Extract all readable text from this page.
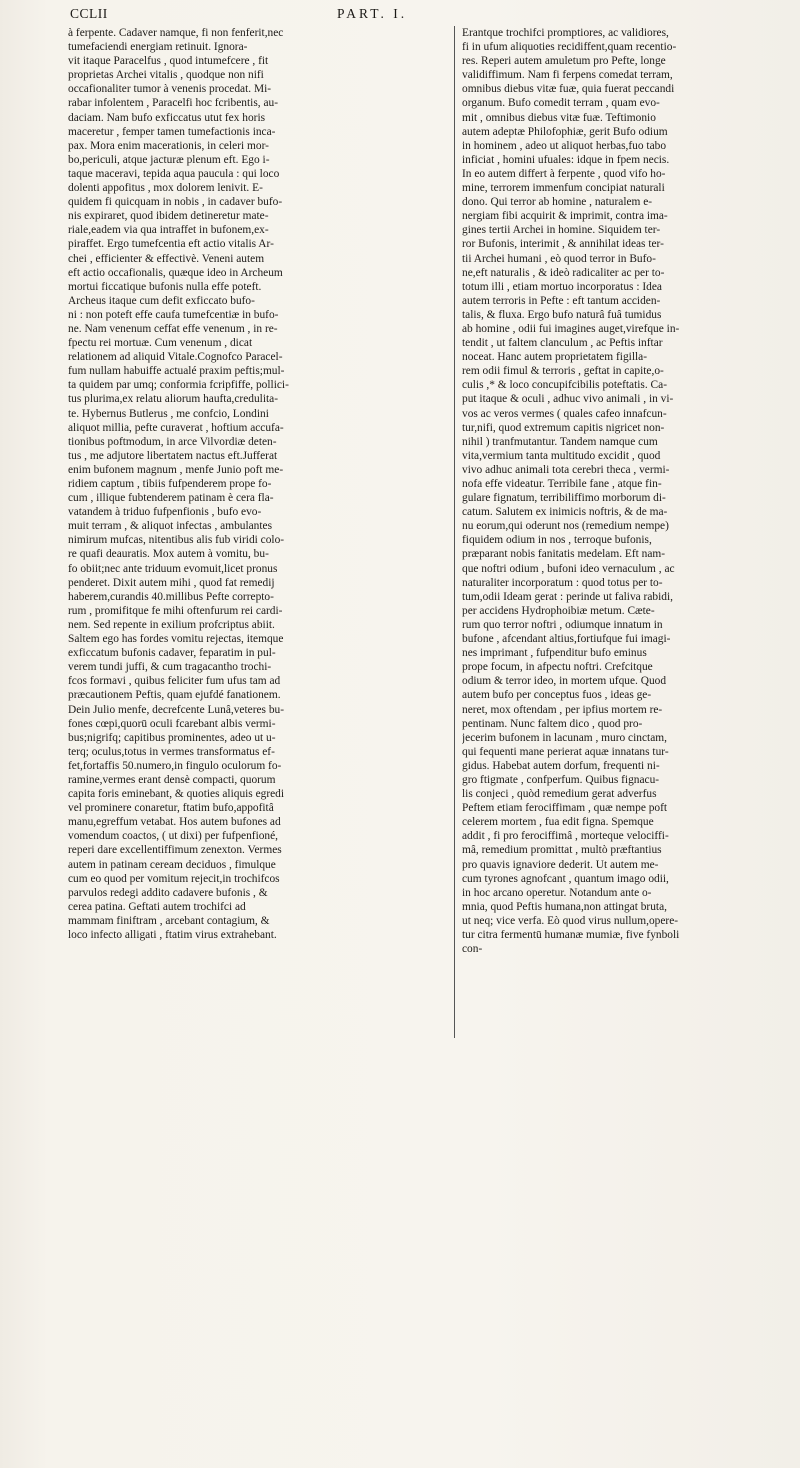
CCLII	PART. I.
à ferpente. Cadaver namque, fi non fenferit,nec
tumefaciendi energiam retinuit. Ignora-
vit itaque Paracelfus , quod intumefcere , fit
proprietas Archei vitalis , quodque non nifi
occafionaliter tumor à venenis procedat. Mi-
rabar infolentem , Paracelfi hoc fcribentis, au-
daciam. Nam bufo exficcatus utut fex horis
maceretur , femper tamen tumefactionis inca-
pax. Mora enim macerationis, in celeri mor-
bo,periculi, atque jacturæ plenum eft. Ego i-
taque maceravi, tepida aqua paucula : qui loco
dolenti appofitus , mox dolorem lenivit. E-
quidem fi quicquam in nobis , in cadaver bufo-
nis expiraret, quod ibidem detineretur mate-
riale,eadem via qua intraffet in bufonem,ex-
piraffet. Ergo tumefcentia eft actio vitalis Ar-
chei , efficienter & effectivè. Veneni autem
eft actio occafionalis, quæque ideo in Archeum
mortui ficcatique bufonis nulla effe poteft.
Archeus itaque cum defit exficcato bufo-
ni : non poteft effe caufa tumefcentiæ in bufo-
ne. Nam venenum ceffat effe venenum , in re-
fpectu rei mortuæ. Cum venenum , dicat
relationem ad aliquid Vitale.Cognofco Paracel-
fum nullam habuiffe actualé praxim peftis;mul-
ta quidem par umq; conformia fcripfiffe, pollici-
tus plurima,ex relatu aliorum haufta,credulita-
te. Hybernus Butlerus , me confcio, Londini
aliquot millia, pefte curaverat , hoftium accufa-
tionibus poftmodum, in arce Vilvordiæ deten-
tus , me adjutore libertatem nactus eft.Jufferat
enim bufonem magnum , menfe Junio poft me-
ridiem captum , tibiis fufpenderem prope fo-
cum , illique fubtenderem patinam è cera fla-
vatandem à triduo fufpenfionis , bufo evo-
muit terram , & aliquot infectas , ambulantes
nimirum mufcas, nitentibus alis fub viridi colo-
re quafi deauratis. Mox autem à vomitu, bu-
fo obiit;nec ante triduum evomuit,licet pronus
penderet. Dixit autem mihi , quod fat remedij
haberem,curandis 40.millibus Pefte correpto-
rum , promifitque fe mihi oftenfurum rei cardi-
nem. Sed repente in exilium profcriptus abiit.
Saltem ego has fordes vomitu rejectas, itemque
exficcatum bufonis cadaver, feparatim in pul-
verem tundi juffi, & cum tragacantho trochi-
fcos formavi , quibus feliciter fum ufus tam ad
præcautionem Peftis, quam ejufdé fanationem.
Dein Julio menfe, decrefcente Lunâ,veteres bu-
fones cœpi,quorū oculi fcarebant albis vermi-
bus;nigrifq; capitibus prominentes, adeo ut u-
terq; oculus,totus in vermes transformatus ef-
fet,fortaffis 50.numero,in fingulo oculorum fo-
ramine,vermes erant densè compacti, quorum
capita foris eminebant, & quoties aliquis egredi
vel prominere conaretur, ftatim bufo,appofitâ
manu,egreffum vetabat. Hos autem bufones ad
vomendum coactos, ( ut dixi) per fufpenfioné,
reperi dare excellentiffimum zenexton. Vermes
autem in patinam ceream deciduos , fimulque
cum eo quod per vomitum rejecit,in trochifcos
parvulos redegi addito cadavere bufonis , &
cerea patina. Geftati autem trochifci ad
mammam finiftram , arcebant contagium, &
loco infecto alligati , ftatim virus extrahebant.
Erantque trochifci promptiores, ac validiores,
fi in ufum aliquoties recidiffent,quam recentio-
res. Reperi autem amuletum pro Pefte, longe
validiffimum. Nam fi ferpens comedat terram,
omnibus diebus vitæ fuæ, quia fuerat peccandi
organum. Bufo comedit terram , quam evo-
mit , omnibus diebus vitæ fuæ. Teftimonio
autem adeptæ Philofophiæ, gerit Bufo odium
in hominem , adeo ut aliquot herbas,fuo tabo
inficiat , homini ufuales: idque in fpem necis.
In eo autem differt à ferpente , quod vifo ho-
mine, terrorem immenfum concipiat naturali
dono. Qui terror ab homine , naturalem e-
nergiam fibi acquirit & imprimit, contra ima-
gines tertii Archei in homine. Siquidem ter-
ror Bufonis, interimit , & annihilat ideas ter-
tii Archei humani , eò quod terror in Bufo-
ne,eft naturalis , & ideò radicaliter ac per to-
totum illi , etiam mortuo incorporatus : Idea
autem terroris in Pefte : eft tantum acciden-
talis, & fluxa. Ergo bufo naturâ fuâ tumidus
ab homine , odii fui imagines auget,virefque in-
tendit , ut faltem clanculum , ac Peftis inftar
noceat. Hanc autem proprietatem figilla-
rem odii fimul & terroris , geftat in capite,o-
culis ,* & loco concupifcibilis poteftatis. Ca-
put itaque & oculi , adhuc vivo animali , in vi-
vos ac veros vermes ( quales cafeo innafcun-
tur,nifi, quod extremum capitis nigricet non-
nihil ) tranfmutantur. Tandem namque cum
vita,vermium tanta multitudo excidit , quod
vivo adhuc animali tota cerebri theca , vermi-
nofa effe videatur. Terribile fane , atque fin-
gulare fignatum, terribiliffimo morborum di-
catum. Salutem ex inimicis noftris, & de ma-
nu eorum,qui oderunt nos (remedium nempe)
fiquidem odium in nos , terroque bufonis,
præparant nobis fanitatis medelam. Eft nam-
que noftri odium , bufoni ideo vernaculum , ac
naturaliter incorporatum : quod totus per to-
tum,odii Ideam gerat : perinde ut faliva rabidi,
per accidens Hydrophoibiæ metum. Cæte-
rum quo terror noftri , odiumque innatum in
bufone , afcendant altius,fortiufque fui imagi-
nes imprimant , fufpenditur bufo eminus
prope focum, in afpectu noftri. Crefcitque
odium & terror ideo, in mortem ufque. Quod
autem bufo per conceptus fuos , ideas ge-
neret, mox oftendam , per ipfius mortem re-
pentinam. Nunc faltem dico , quod pro-
jecerim bufonem in lacunam , muro cinctam,
qui fequenti mane perierat aquæ innatans tur-
gidus. Habebat autem dorfum, frequenti ni-
gro ftigmate , confperfum. Quibus fignacu-
lis conjeci , quòd remedium gerat adverfus
Peftem etiam ferociffimam , quæ nempe poft
celerem mortem , fua edit figna. Spemque
addit , fi pro ferociffimâ , morteque velociffi-
mâ, remedium promittat , multò præftantius
pro quavis ignaviore dederit. Ut autem me-
cum tyrones agnofcant , quantum imago odii,
in hoc arcano operetur. Notandum ante o-
mnia, quod Peftis humana,non attingat bruta,
ut neq; vice verfa. Eò quod virus nullum,opere-
tur citra fermentū humanæ mumiæ, five fynboli
con-
